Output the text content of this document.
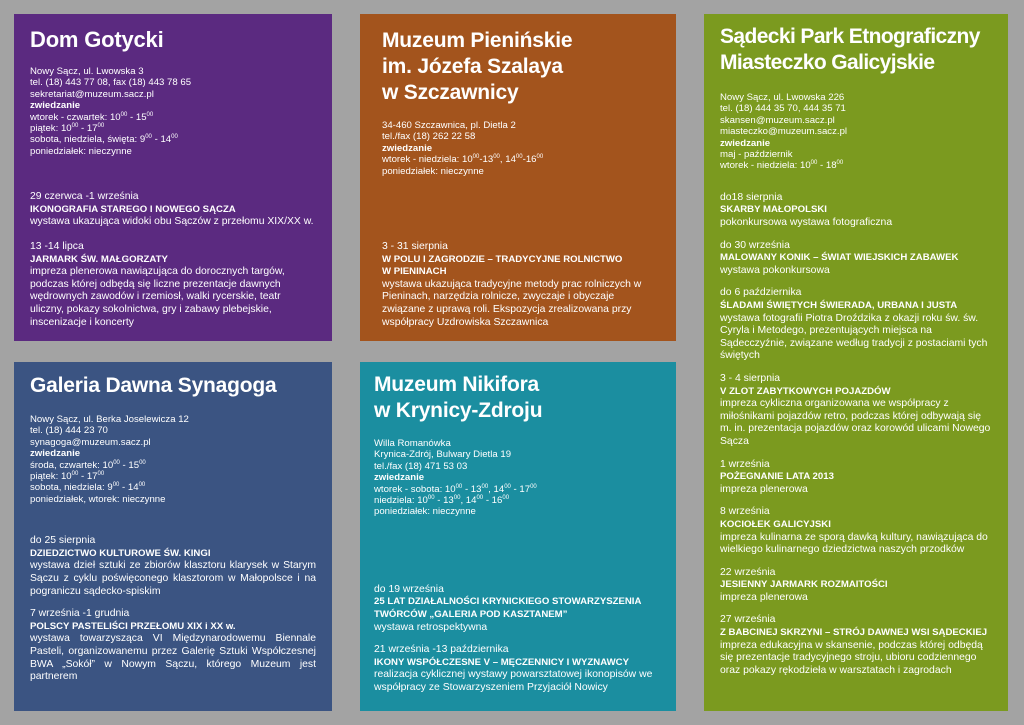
Dom Gotycki
Nowy Sącz, ul. Lwowska 3
tel. (18) 443 77 08, fax (18) 443 78 65
sekretariat@muzeum.sacz.pl
zwiedzanie
wtorek - czwartek: $10^{00} - 15^{00}$
piątek: $10^{00} - 17^{00}$
sobota, niedziela, święta: $9^{00} - 14^{00}$
poniedziałek: nieczynne
29 czerwca -1 września
IKONOGRAFIA STAREGO I NOWEGO SĄCZA
wystawa ukazująca widoki obu Sączów z przełomu XIX/XX w.
13 -14 lipca
JARMARK ŚW. MAŁGORZATY
impreza plenerowa nawiązująca do dorocznych targów, podczas której odbędą się liczne prezentacje dawnych wędrownych zawodów i rzemiosł, walki rycerskie, teatr uliczny, pokazy sokolnictwa, gry i zabawy plebejskie, inscenizacje i koncerty
Muzeum Pienińskie
im. Józefa Szalaya
w Szczawnicy
34-460 Szczawnica, pl. Dietla 2
tel./fax (18) 262 22 58
zwiedzanie
wtorek - niedziela: $10^{00}-13^{00}$, $14^{00}-16^{00}$
poniedziałek: nieczynne
3 - 31 sierpnia
W POLU I ZAGRODZIE – TRADYCYJNE ROLNICTWO W PIENINACH
wystawa ukazująca tradycyjne metody prac rolniczych w Pieninach, narzędzia rolnicze, zwyczaje i obyczaje związane z uprawą roli. Ekspozycja zrealizowana przy współpracy Uzdrowiska Szczawnica
Sądecki Park Etnograficzny
Miasteczko Galicyjskie
Nowy Sącz, ul. Lwowska 226
tel. (18) 444 35 70, 444 35 71
skansen@muzeum.sacz.pl
miasteczko@muzeum.sacz.pl
zwiedzanie
maj - październik
wtorek - niedziela: $10^{00} - 18^{00}$
do18 sierpnia
SKARBY MAŁOPOLSKI
pokonkursowa wystawa fotograficzna
do 30 września
MALOWANY KONIK – ŚWIAT WIEJSKICH ZABAWEK
wystawa pokonkursowa
do 6 października
ŚLADAMI ŚWIĘTYCH ŚWIERADA, URBANA I JUSTA
wystawa fotografii Piotra Droździka z okazji roku św. św. Cyryla i Metodego, prezentujących miejsca na Sądecczyźnie, związane według tradycji z postaciami tych świętych
3 - 4 sierpnia
V ZLOT ZABYTKOWYCH POJAZDÓW
impreza cykliczna organizowana we współpracy z miłośnikami pojazdów retro, podczas której odbywają się m. in. prezentacja pojazdów oraz korowód ulicami Nowego Sącza
1 września
POŻEGNANIE LATA 2013
impreza plenerowa
8 września
KOCIOŁEK GALICYJSKI
impreza kulinarna ze sporą dawką kultury, nawiązująca do wielkiego kulinarnego dziedzictwa naszych przodków
22 września
JESIENNY JARMARK ROZMAITOŚCI
impreza plenerowa
27 września
Z BABCINEJ SKRZYNI – STRÓJ DAWNEJ WSI SĄDECKIEJ
impreza edukacyjna w skansenie, podczas której odbędą się prezentacje tradycyjnego stroju, ubioru codziennego oraz pokazy rękodzieła w warsztatach i zagrodach
Galeria Dawna Synagoga
Nowy Sącz, ul. Berka Joselewicza 12
tel. (18) 444 23 70
synagoga@muzeum.sacz.pl
zwiedzanie
środa, czwartek: $10^{00} - 15^{00}$
piątek: $10^{00} - 17^{00}$
sobota, niedziela: $9^{00} - 14^{00}$
poniedziałek, wtorek: nieczynne
do 25 sierpnia
DZIEDZICTWO KULTUROWE ŚW. KINGI
wystawa dzieł sztuki ze zbiorów klasztoru klarysek w Starym Sączu z cyklu poświęconego klasztorom w Małopolsce i na pograniczu sądecko-spiskim
7 września -1 grudnia
POLSCY PASTELIŚCI PRZEŁOMU XIX i XX w.
wystawa towarzysząca VI Międzynarodowemu Biennale Pasteli, organizowanemu przez Galerię Sztuki Współczesnej BWA „Sokół” w Nowym Sączu, którego Muzeum jest partnerem
Muzeum Nikifora
w Krynicy-Zdroju
Willa Romanówka
Krynica-Zdrój, Bulwary Dietla 19
tel./fax (18) 471 53 03
zwiedzanie
wtorek - sobota: $10^{00} - 13^{00}$, $14^{00} - 17^{00}$
niedziela: $10^{00} - 13^{00}$, $14^{00} - 16^{00}$
poniedziałek: nieczynne
do 19 września
25 LAT DZIAŁALNOŚCI KRYNICKIEGO STOWARZYSZENIA TWÓRCÓW „GALERIA POD KASZTANEM”
wystawa retrospektywna
21 września -13 października
IKONY WSPÓŁCZESNE V – MĘCZENNICY I WYZNAWCY
realizacja cyklicznej wystawy powarsztatowej ikonopisów we współpracy ze Stowarzyszeniem Przyjaciół Nowicy
